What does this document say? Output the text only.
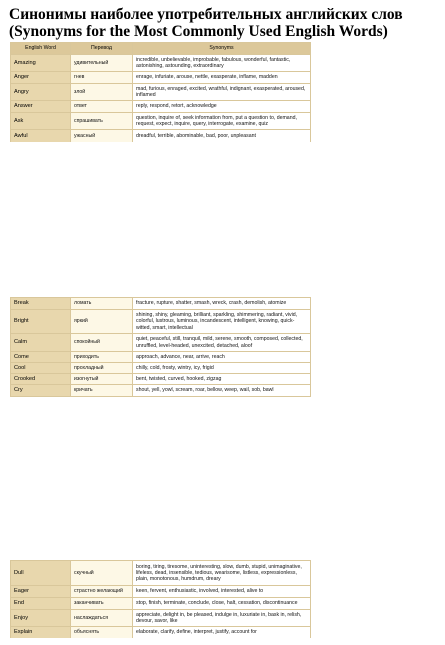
Синонимы наиболее употребительных английских слов
(Synonyms for the Most Commonly Used English Words)
English Word	Перевод	Synonyms
Amazing	удивительный	incredible, unbelievable, improbable, fabulous, wonderful, fantastic, astonishing, astounding, extraordinary
Anger	гнев	enrage, infuriate, arouse, nettle, exasperate, inflame, madden
Angry	злой	mad, furious, enraged, excited, wrathful, indignant, exasperated, aroused, inflamed
Answer	ответ	reply, respond, retort, acknowledge
Ask	спрашивать	question, inquire of, seek information from, put a question to, demand, request, expect, inquire, query, interrogate, examine, quiz
Awful	ужасный	dreadful, terrible, abominable, bad, poor, unpleasant
Break	ломать	fracture, rupture, shatter, smash, wreck, crash, demolish, atomize
Bright	яркий	shining, shiny, gleaming, brilliant, sparkling, shimmering, radiant, vivid, colorful, lustrous, luminous, incandescent, intelligent, knowing, quick-witted, smart, intellectual
Calm	спокойный	quiet, peaceful, still, tranquil, mild, serene, smooth, composed, collected, unruffled, level-headed, unexcited, detached, aloof
Come	приходить	approach, advance, near, arrive, reach
Cool	прохладный	chilly, cold, frosty, wintry, icy, frigid
Crooked	изогнутый	bent, twisted, curved, hooked, zigzag
Cry	кричать	shout, yell, yowl, scream, roar, bellow, weep, wail, sob, bawl
Dull	скучный	boring, tiring, tiresome, uninteresting, slow, dumb, stupid, unimaginative, lifeless, dead, insensible, tedious, wearisome, listless, expressionless, plain, monotonous, humdrum, dreary
Eager	страстно желающий	keen, fervent, enthusiastic, involved, interested, alive to
End	заканчивать	stop, finish, terminate, conclude, close, halt, cessation, discontinuance
Enjoy	наслаждаться	appreciate, delight in, be pleased, indulge in, luxuriate in, bask in, relish, devour, savor, like
Explain	объяснять	elaborate, clarify, define, interpret, justify, account for
